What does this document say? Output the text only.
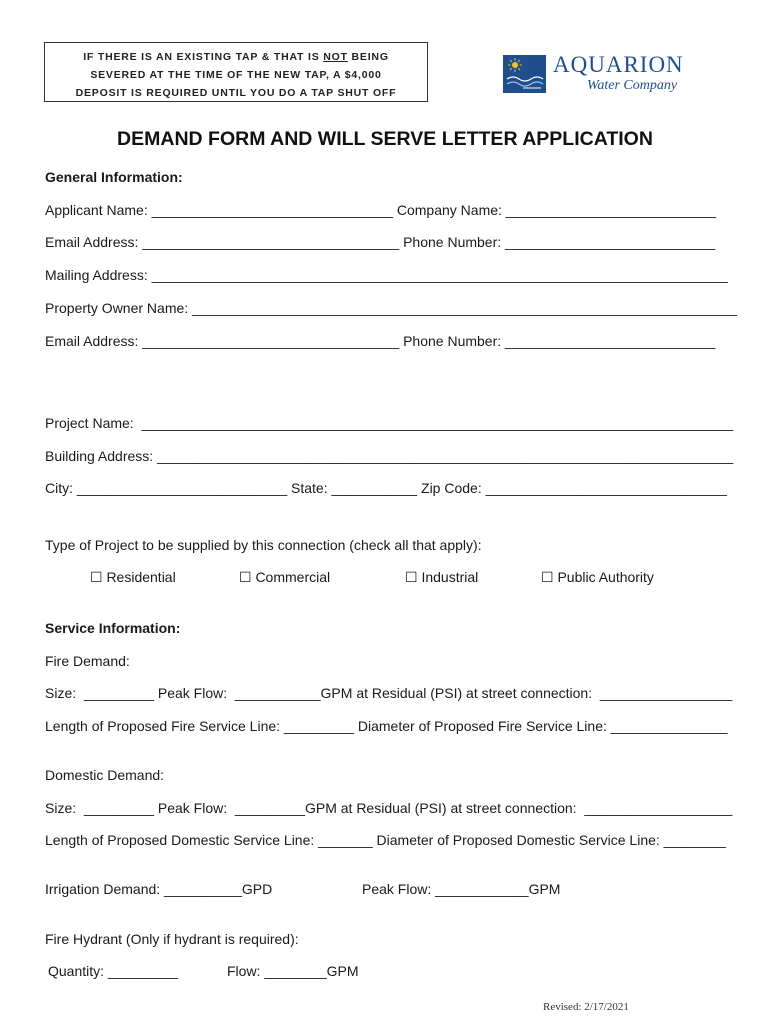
IF THERE IS AN EXISTING TAP & THAT IS NOT BEING
SEVERED AT THE TIME OF THE NEW TAP, A $4,000
DEPOSIT IS REQUIRED UNTIL YOU DO A TAP SHUT OFF
AQUARION
Water Company
DEMAND FORM AND WILL SERVE LETTER APPLICATION
General Information:
Applicant Name: _______________________________ Company Name: ___________________________
Email Address: _________________________________ Phone Number: ___________________________
Mailing Address: __________________________________________________________________________
Property Owner Name: ______________________________________________________________________
Email Address: _________________________________ Phone Number: ___________________________
Project Name:  ____________________________________________________________________________
Building Address: __________________________________________________________________________
City: ___________________________ State: ___________ Zip Code: _______________________________
Type of Project to be supplied by this connection (check all that apply):
☐ Residential	☐ Commercial	☐ Industrial	☐ Public Authority
Service Information:
Fire Demand:
Size:  _________ Peak Flow:  ___________GPM at Residual (PSI) at street connection:  _________________
Length of Proposed Fire Service Line: _________ Diameter of Proposed Fire Service Line: _______________
Domestic Demand:
Size:  _________ Peak Flow:  _________GPM at Residual (PSI) at street connection:  ___________________
Length of Proposed Domestic Service Line: _______ Diameter of Proposed Domestic Service Line: ________
Irrigation Demand: __________GPD	Peak Flow: ____________GPM
Fire Hydrant (Only if hydrant is required):
Quantity: _________	Flow: ________GPM
Revised: 2/17/2021
